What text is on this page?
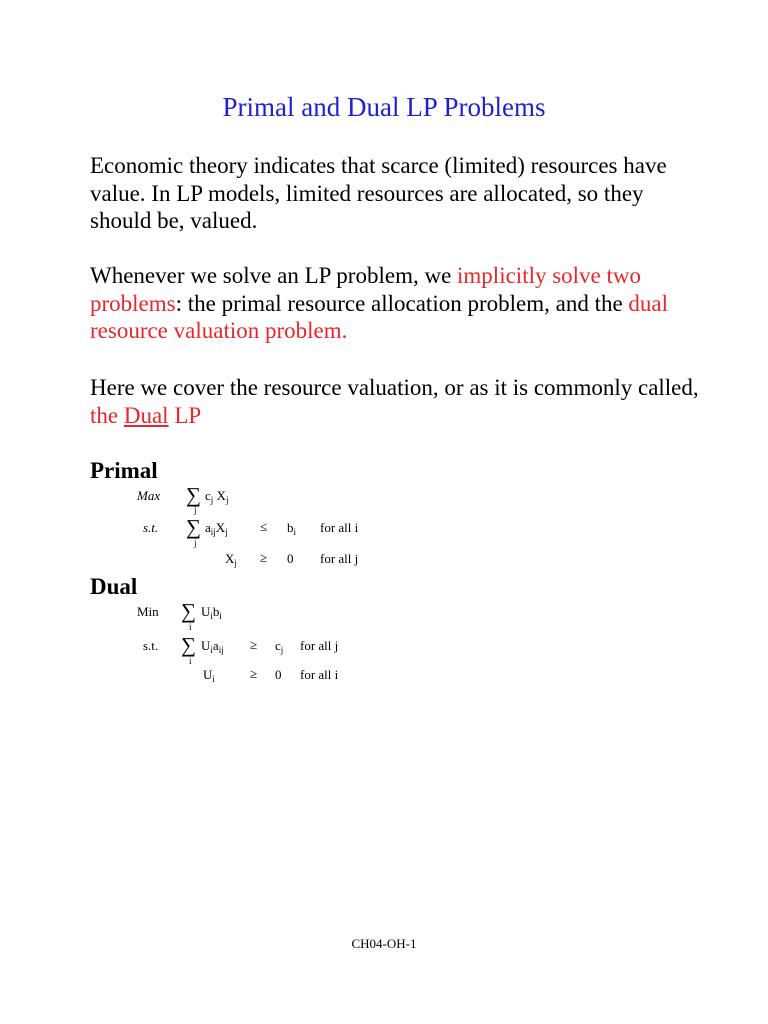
Primal and Dual LP Problems

Economic theory indicates that scarce (limited) resources have value. In LP models, limited resources are allocated, so they should be, valued.

Whenever we solve an LP problem, we implicitly solve two problems: the primal resource allocation problem, and the dual resource valuation problem.

Here we cover the resource valuation, or as it is commonly called, the Dual LP

Primal
Max ∑
j
$c_j$ $X_j$
s.t. ∑
j
$a_{ij}X_j \le b_i$ for all i
$X_j \ge 0$ for all j
Dual
Min ∑
i
$U_ib_i$
s.t. ∑
i
$U_ia_{ij} \ge c_j$ for all j
$U_i$	≥ 0 for all i
CH04-OH-1
